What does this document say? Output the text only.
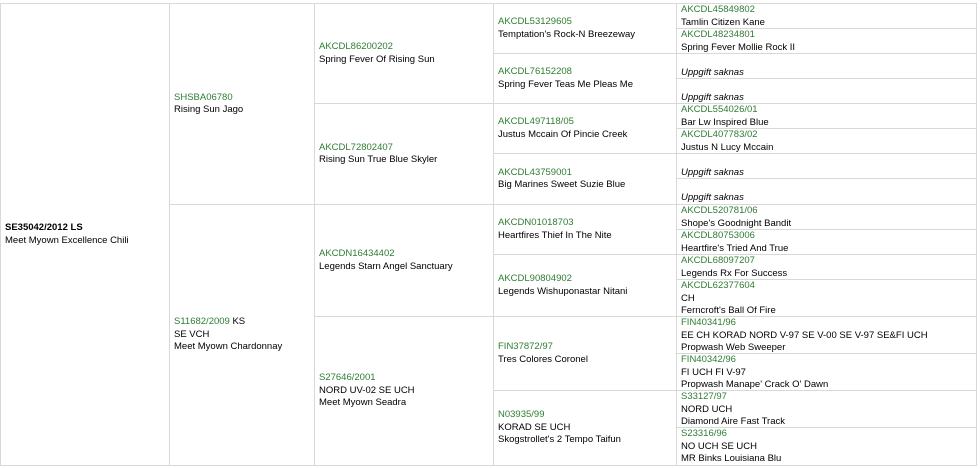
SE35042/2012 LS
Meet Myown Excellence Chili
SHSBA06780
Rising Sun Jago
S11682/2009 KS
SE VCH
Meet Myown Chardonnay
AKCDL86200202
Spring Fever Of Rising Sun
AKCDL72802407
Rising Sun True Blue Skyler
AKCDN16434402
Legends Starn Angel Sanctuary
S27646/2001
NORD UV-02 SE UCH
Meet Myown Seadra
AKCDL53129605
Temptation's Rock-N Breezeway
AKCDL76152208
Spring Fever Teas Me Pleas Me
AKCDL497118/05
Justus Mccain Of Pincie Creek
AKCDL43759001
Big Marines Sweet Suzie Blue
AKCDN01018703
Heartfires Thief In The Nite
AKCDL90804902
Legends Wishuponastar Nitani
FIN37872/97
Tres Colores Coronel
N03935/99
KORAD SE UCH
Skogstrollet's 2 Tempo Taifun
AKCDL45849802
Tamlin Citizen Kane
AKCDL48234801
Spring Fever Mollie Rock II
Uppgift saknas
Uppgift saknas
AKCDL554026/01
Bar Lw Inspired Blue
AKCDL407783/02
Justus N Lucy Mccain
Uppgift saknas
Uppgift saknas
AKCDL520781/06
Shope's Goodnight Bandit
AKCDL80753006
Heartfire's Tried And True
AKCDL68097207
Legends Rx For Success
AKCDL62377604
CH
Ferncroft's Ball Of Fire
FIN40341/96
EE CH KORAD NORD V-97 SE V-00 SE V-97 SE&FI UCH
Propwash Web Sweeper
FIN40342/96
FI UCH FI V-97
Propwash Manape' Crack O' Dawn
S33127/97
NORD UCH
Diamond Aire Fast Track
S23316/96
NO UCH SE UCH
MR Binks Louisiana Blu
